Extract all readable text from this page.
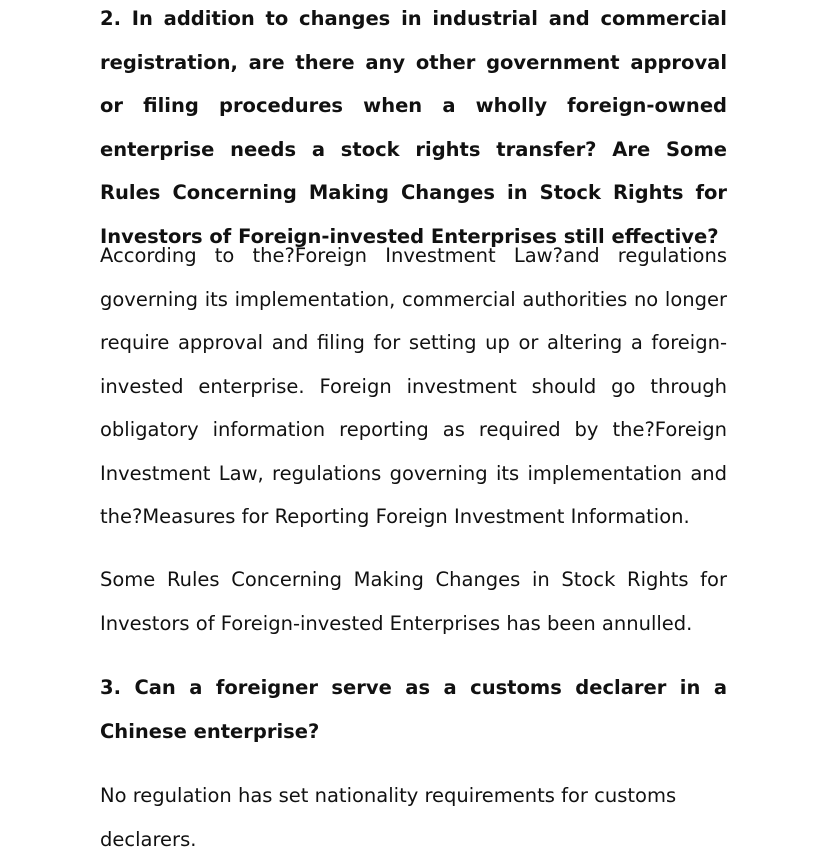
2. In addition to changes in industrial and commercial registration, are there any other government approval or filing procedures when a wholly foreign-owned enterprise needs a stock rights transfer? Are Some Rules Concerning Making Changes in Stock Rights for Investors of Foreign-invested Enterprises still effective?

According to the?Foreign Investment Law?and regulations governing its implementation, commercial authorities no longer require approval and filing for setting up or altering a foreign-invested enterprise. Foreign investment should go through obligatory information reporting as required by the?Foreign Investment Law, regulations governing its implementation and the?Measures for Reporting Foreign Investment Information.

Some Rules Concerning Making Changes in Stock Rights for Investors of Foreign-invested Enterprises has been annulled.

3. Can a foreigner serve as a customs declarer in a Chinese enterprise?

No regulation has set nationality requirements for customs declarers.
